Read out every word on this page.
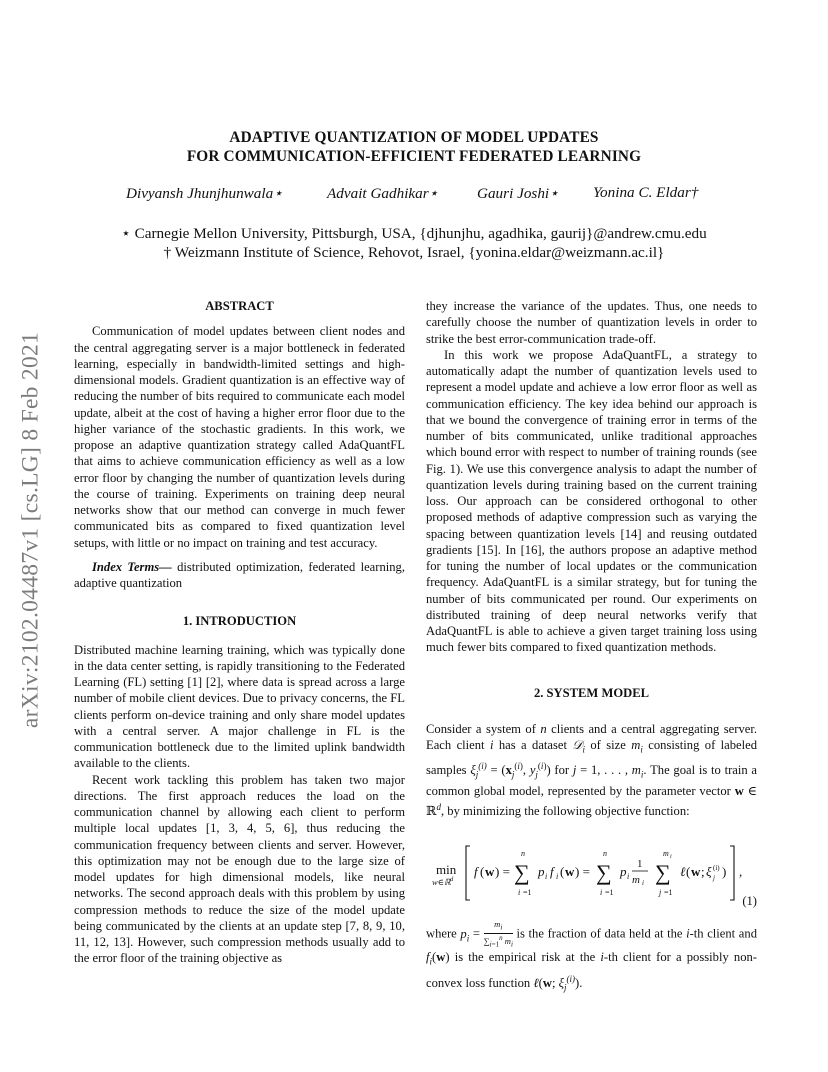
arXiv:2102.04487v1 [cs.LG] 8 Feb 2021
ADAPTIVE QUANTIZATION OF MODEL UPDATES
FOR COMMUNICATION-EFFICIENT FEDERATED LEARNING
Divyansh Jhunjhunwala⋆	Advait Gadhikar⋆	Gauri Joshi⋆ Yonina C. Eldar†
⋆ Carnegie Mellon University, Pittsburgh, USA, {djhunjhu, agadhika, gaurij}@andrew.cmu.edu
† Weizmann Institute of Science, Rehovot, Israel, {yonina.eldar@weizmann.ac.il}
ABSTRACT

Communication of model updates between client nodes and the central aggregating server is a major bottleneck in federated learning, especially in bandwidth-limited settings and high-dimensional models. Gradient quantization is an effective way of reducing the number of bits required to communicate each model update, albeit at the cost of having a higher error floor due to the higher variance of the stochastic gradients. In this work, we propose an adaptive quantization strategy called AdaQuantFL that aims to achieve communication efficiency as well as a low error floor by changing the number of quantization levels during the course of training. Experiments on training deep neural networks show that our method can converge in much fewer communicated bits as compared to fixed quantization level setups, with little or no impact on training and test accuracy.

Index Terms— distributed optimization, federated learning, adaptive quantization

1. INTRODUCTION

Distributed machine learning training, which was typically done in the data center setting, is rapidly transitioning to the Federated Learning (FL) setting [1] [2], where data is spread across a large number of mobile client devices. Due to privacy concerns, the FL clients perform on-device training and only share model updates with a central server. A major challenge in FL is the communication bottleneck due to the limited uplink bandwidth available to the clients.

Recent work tackling this problem has taken two major directions. The first approach reduces the load on the communication channel by allowing each client to perform multiple local updates [1, 3, 4, 5, 6], thus reducing the communication frequency between clients and server. However, this optimization may not be enough due to the large size of model updates for high dimensional models, like neural networks. The second approach deals with this problem by using compression methods to reduce the size of the model update being communicated by the clients at an update step [7, 8, 9, 10, 11, 12, 13]. However, such compression methods usually add to the error floor of the training objective as

they increase the variance of the updates. Thus, one needs to carefully choose the number of quantization levels in order to strike the best error-communication trade-off.

In this work we propose AdaQuantFL, a strategy to automatically adapt the number of quantization levels used to represent a model update and achieve a low error floor as well as communication efficiency. The key idea behind our approach is that we bound the convergence of training error in terms of the number of bits communicated, unlike traditional approaches which bound error with respect to number of training rounds (see Fig. 1). We use this convergence analysis to adapt the number of quantization levels during training based on the current training loss. Our approach can be considered orthogonal to other proposed methods of adaptive compression such as varying the spacing between quantization levels [14] and reusing outdated gradients [15]. In [16], the authors propose an adaptive method for tuning the number of local updates or the communication frequency. AdaQuantFL is a similar strategy, but for tuning the number of bits communicated per round. Our experiments on distributed training of deep neural networks verify that AdaQuantFL is able to achieve a given target training loss using much fewer bits compared to fixed quantization methods.

2. SYSTEM MODEL

Consider a system of n clients and a central aggregating server. Each client i has a dataset 𝒟$_i$ of size $m_i$ consisting of labeled samples $\xi_j^{(i)} = (x_j^{(i)}$, $y_j^{(i)}$) for j = 1, . . . , $m_i$. The goal is to train a common global model, represented by the parameter vector w ∈ ℝ$^d$, by minimizing the following objective function:

min
w∈ℝ d
f ( w ) =
n
∑
i =1
p i f i ( w ) =
n
∑
i =1
p i
1
m i
m i
∑
j =1
ℓ ( w ; ξ (i)
j ) ,
(1)
where $p_i = \frac{m_i}{\sum_{i=1}^n m_i}$ is the fraction of data held at the i-th client and $f_i(w)$ is the empirical risk at the i-th client for a possibly non-convex loss function ℓ(w; $\xi_j^{(i)}$).
